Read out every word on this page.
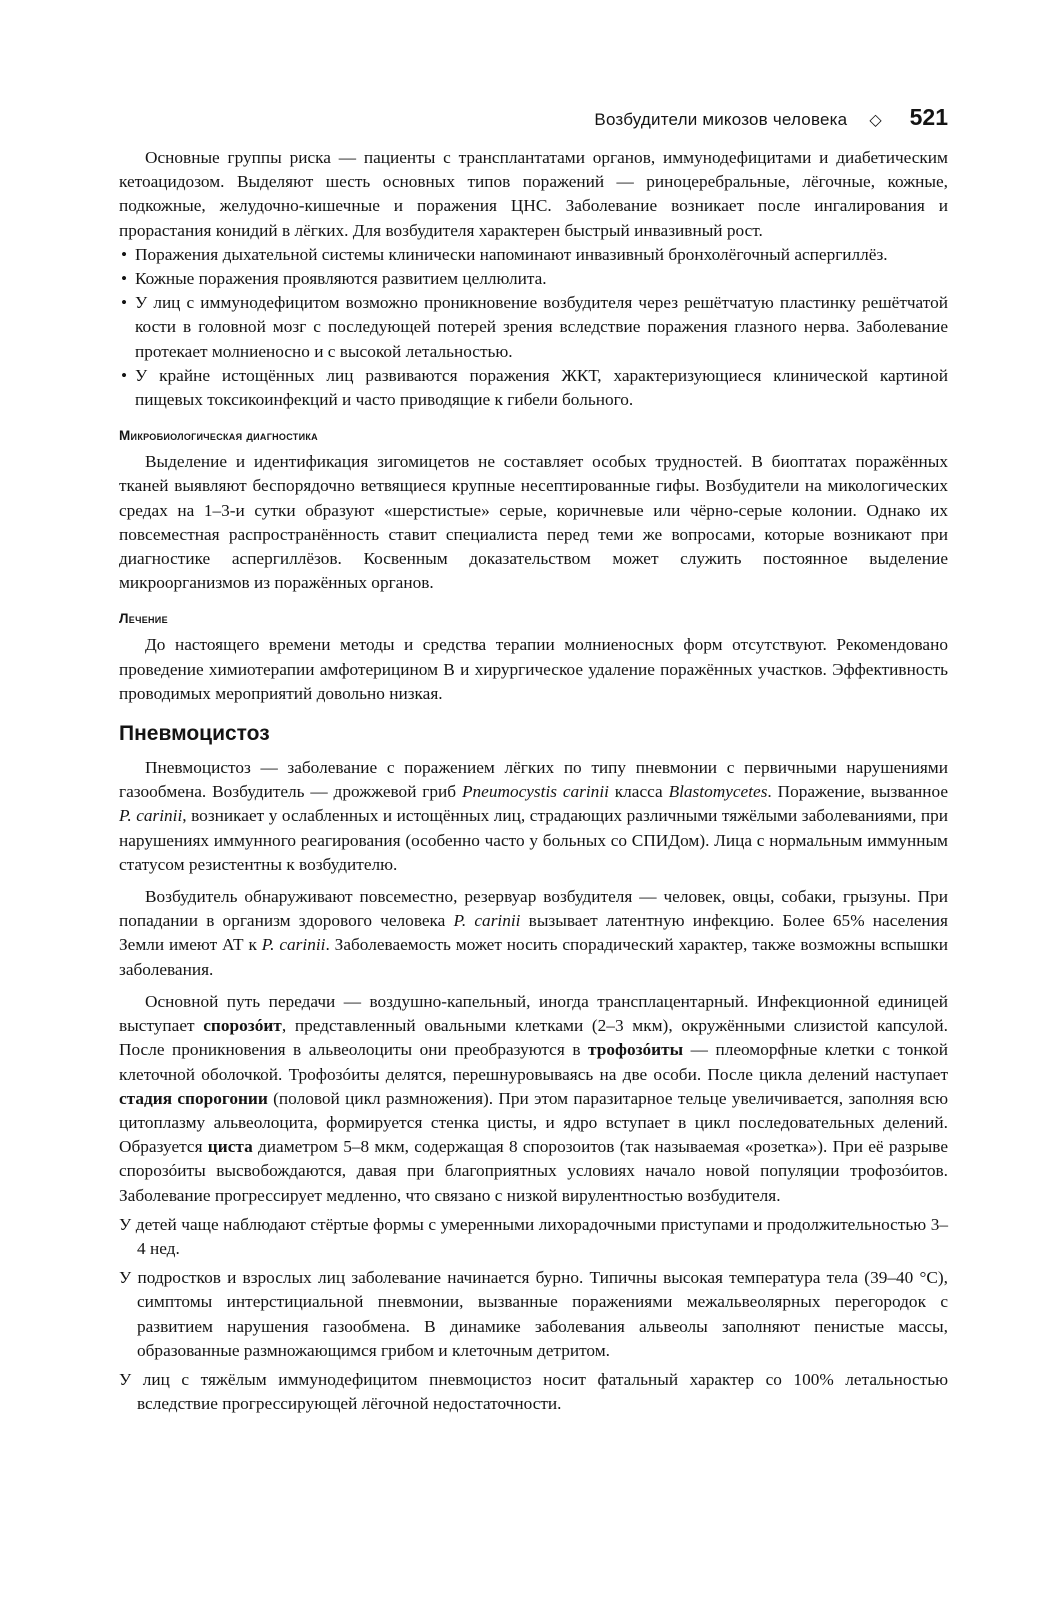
Возбудители микозов человека ◇ 521

Основные группы риска — пациенты с трансплантатами органов, иммунодефицитами и диабетическим кетоацидозом. Выделяют шесть основных типов поражений — риноцеребральные, лёгочные, кожные, подкожные, желудочно-кишечные и поражения ЦНС. Заболевание возникает после ингалирования и прорастания конидий в лёгких. Для возбудителя характерен быстрый инвазивный рост.

• Поражения дыхательной системы клинически напоминают инвазивный бронхолёгочный аспергиллёз.
• Кожные поражения проявляются развитием целлюлита.
• У лиц с иммунодефицитом возможно проникновение возбудителя через решётчатую пластинку решётчатой кости в головной мозг с последующей потерей зрения вследствие поражения глазного нерва. Заболевание протекает молниеносно и с высокой летальностью.
• У крайне истощённых лиц развиваются поражения ЖКТ, характеризующиеся клинической картиной пищевых токсикоинфекций и часто приводящие к гибели больного.
Микробиологическая диагностика

Выделение и идентификация зигомицетов не составляет особых трудностей. В биоптатах поражённых тканей выявляют беспорядочно ветвящиеся крупные несептированные гифы. Возбудители на микологических средах на 1–3-и сутки образуют «шерстистые» серые, коричневые или чёрно-серые колонии. Однако их повсеместная распространённость ставит специалиста перед теми же вопросами, которые возникают при диагностике аспергиллёзов. Косвенным доказательством может служить постоянное выделение микроорганизмов из поражённых органов.

Лечение

До настоящего времени методы и средства терапии молниеносных форм отсутствуют. Рекомендовано проведение химиотерапии амфотерицином В и хирургическое удаление поражённых участков. Эффективность проводимых мероприятий довольно низкая.

Пневмоцистоз

Пневмоцистоз — заболевание с поражением лёгких по типу пневмонии с первичными нарушениями газообмена. Возбудитель — дрожжевой гриб Pneumocystis carinii класса Blastomycetes. Поражение, вызванное P. carinii, возникает у ослабленных и истощённых лиц, страдающих различными тяжёлыми заболеваниями, при нарушениях иммунного реагирования (особенно часто у больных со СПИДом). Лица с нормальным иммунным статусом резистентны к возбудителю.

Возбудитель обнаруживают повсеместно, резервуар возбудителя — человек, овцы, собаки, грызуны. При попадании в организм здорового человека P. carinii вызывает латентную инфекцию. Более 65% населения Земли имеют АТ к P. carinii. Заболеваемость может носить спорадический характер, также возможны вспышки заболевания.

Основной путь передачи — воздушно-капельный, иногда трансплацентарный. Инфекционной единицей выступает спорозóит, представленный овальными клетками (2–3 мкм), окружёнными слизистой капсулой. После проникновения в альвеолоциты они преобразуются в трофозóиты — плеоморфные клетки с тонкой клеточной оболочкой. Трофозóиты делятся, перешнуровываясь на две особи. После цикла делений наступает стадия спорогонии (половой цикл размножения). При этом паразитарное тельце увеличивается, заполняя всю цитоплазму альвеолоцита, формируется стенка цисты, и ядро вступает в цикл последовательных делений. Образуется циста диаметром 5–8 мкм, содержащая 8 спорозоитов (так называемая «розетка»). При её разрыве спорозóиты высвобождаются, давая при благоприятных условиях начало новой популяции трофозóитов. Заболевание прогрессирует медленно, что связано с низкой вирулентностью возбудителя.

У детей чаще наблюдают стёртые формы с умеренными лихорадочными приступами и продолжительностью 3–4 нед.
У подростков и взрослых лиц заболевание начинается бурно. Типичны высокая температура тела (39–40 °С), симптомы интерстициальной пневмонии, вызванные поражениями межальвеолярных перегородок с развитием нарушения газообмена. В динамике заболевания альвеолы заполняют пенистые массы, образованные размножающимся грибом и клеточным детритом.
У лиц с тяжёлым иммунодефицитом пневмоцистоз носит фатальный характер со 100% летальностью вследствие прогрессирующей лёгочной недостаточности.
